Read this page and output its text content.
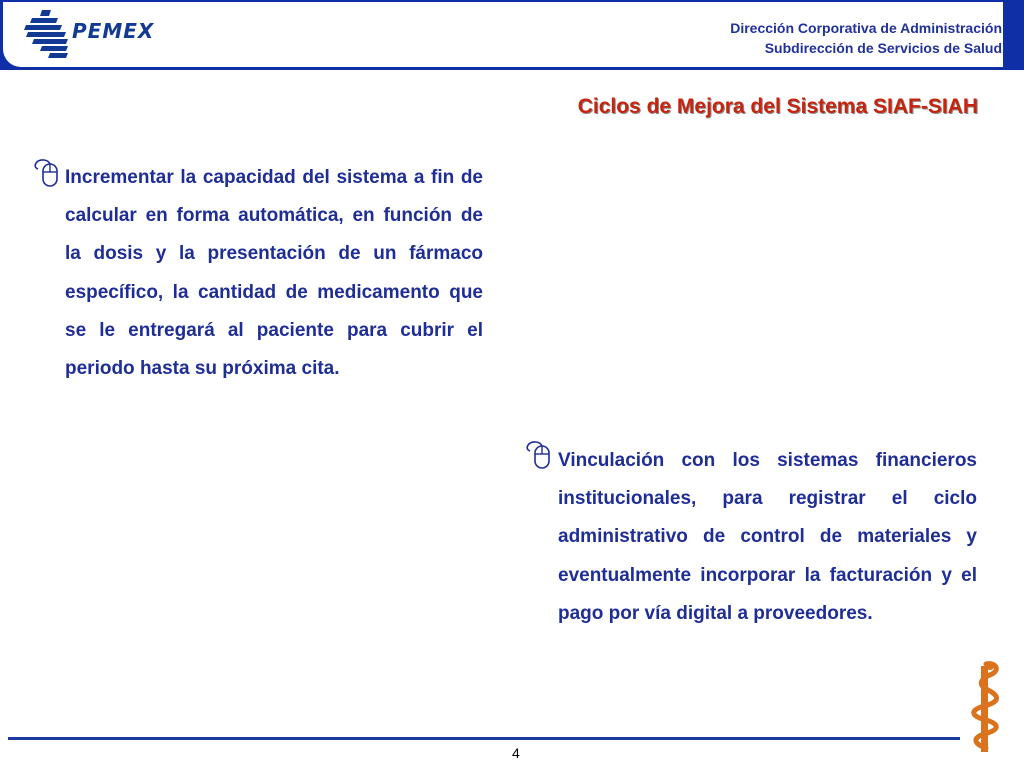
PEMEX	Dirección Corporativa de Administración
Subdirección de Servicios de Salud
Ciclos de Mejora del Sistema SIAF-SIAH

Incrementar la capacidad del sistema a fin de calcular en forma automática, en función de la dosis y la presentación de un fármaco específico, la cantidad de medicamento que se le entregará al paciente para cubrir el periodo hasta su próxima cita.

Vinculación con los sistemas financieros institucionales, para registrar el ciclo administrativo de control de materiales y eventualmente incorporar la facturación y el pago por vía digital a proveedores.

4
